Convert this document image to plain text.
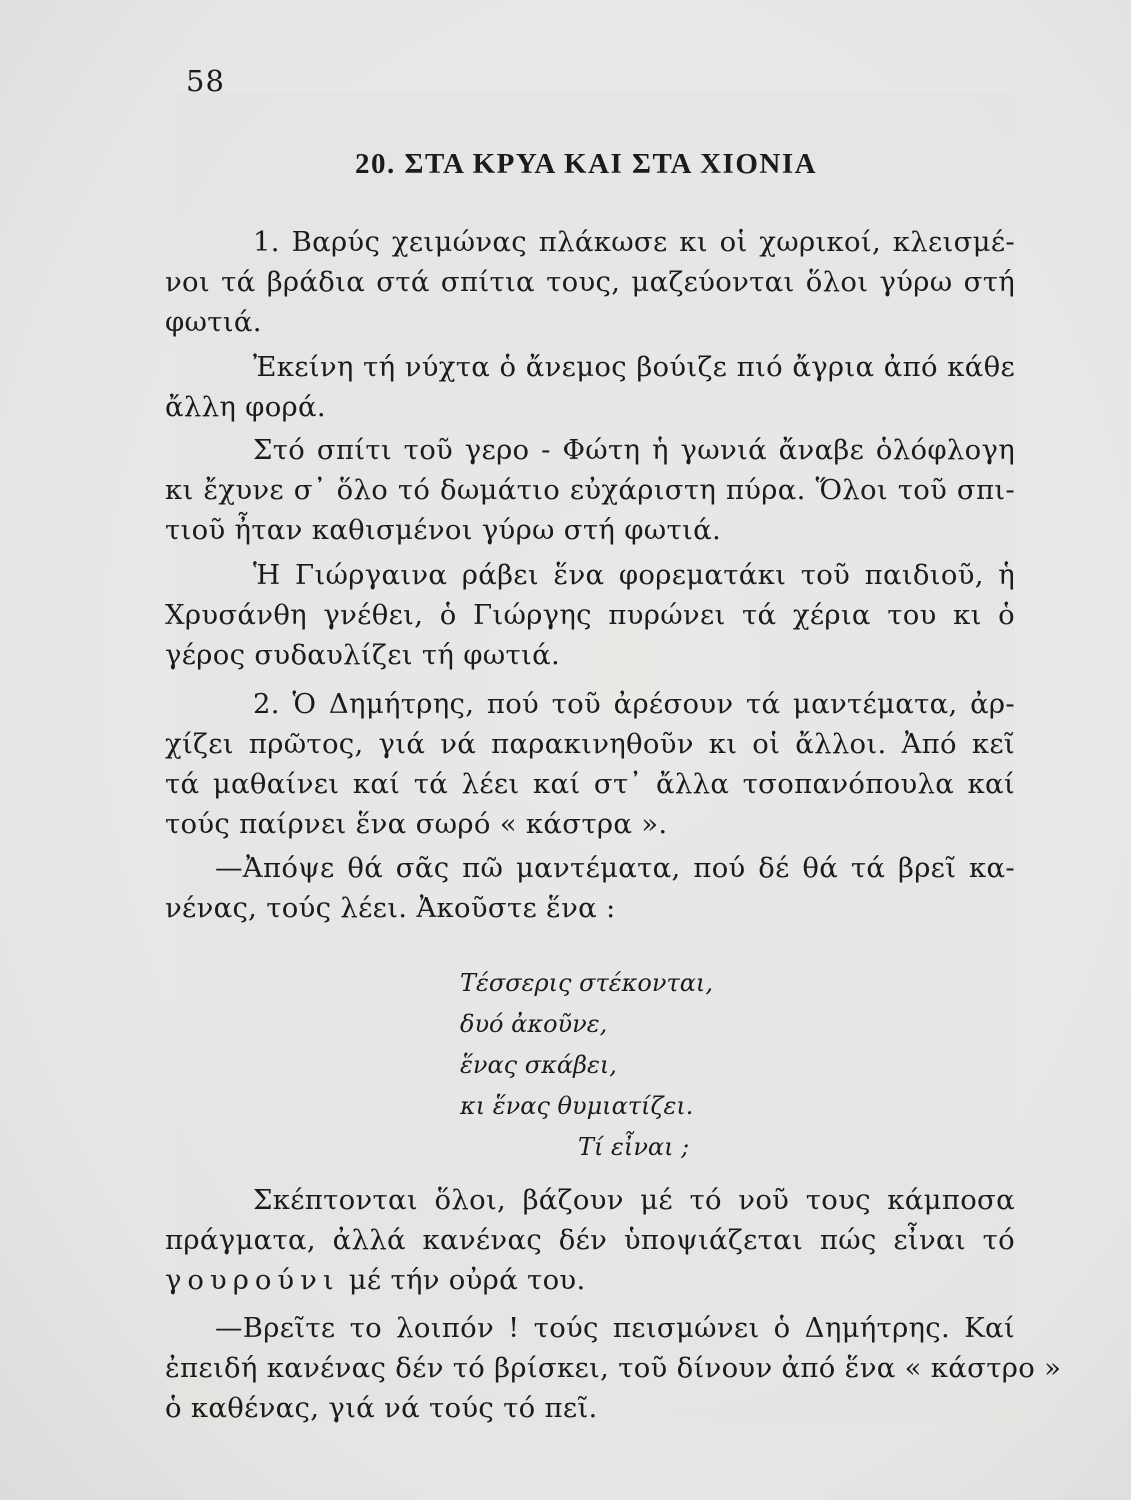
58
20. ΣΤΑ ΚΡΥΑ ΚΑΙ ΣΤΑ ΧΙΟΝΙΑ
1. Βαρύς χειμώνας πλάκωσε κι οἱ χωρικοί, κλεισμέ-
νοι τά βράδια στά σπίτια τους, μαζεύονται ὅλοι γύρω στή
φωτιά.
Ἐκείνη τή νύχτα ὁ ἄνεμος βούιζε πιό ἄγρια ἀπό κάθε
ἄλλη φορά.
Στό σπίτι τοῦ γερο - Φώτη ἡ γωνιά ἄναβε ὁλόφλογη
κι ἔχυνε σ᾿ ὅλο τό δωμάτιο εὐχάριστη πύρα. Ὅλοι τοῦ σπι-
τιοῦ ἦταν καθισμένοι γύρω στή φωτιά.
Ἡ Γιώργαινα ράβει ἕνα φορεματάκι τοῦ παιδιοῦ, ἡ
Χρυσάνθη γνέθει, ὁ Γιώργης πυρώνει τά χέρια του κι ὁ
γέρος συδαυλίζει τή φωτιά.
2. Ὁ Δημήτρης, πού τοῦ ἀρέσουν τά μαντέματα, ἀρ-
χίζει πρῶτος, γιά νά παρακινηθοῦν κι οἱ ἄλλοι. Ἀπό κεῖ
τά μαθαίνει καί τά λέει καί στ᾿ ἄλλα τσοπανόπουλα καί
τούς παίρνει ἕνα σωρό « κάστρα ».
—Ἀπόψε θά σᾶς πῶ μαντέματα, πού δέ θά τά βρεῖ κα-
νένας, τούς λέει. Ἀκοῦστε ἕνα :
Τέσσερις στέκονται,
δυό ἀκοῦνε,
ἕνας σκάβει,
κι ἕνας θυμιατίζει.
Τί εἶναι ;
Σκέπτονται ὅλοι, βάζουν μέ τό νοῦ τους κάμποσα
πράγματα, ἀλλά κανένας δέν ὑποψιάζεται πώς εἶναι τό
γουρούνι μέ τήν οὐρά του.
—Βρεῖτε το λοιπόν ! τούς πεισμώνει ὁ Δημήτρης. Καί
ἐπειδή κανένας δέν τό βρίσκει, τοῦ δίνουν ἀπό ἕνα « κάστρο »
ὁ καθένας, γιά νά τούς τό πεῖ.
